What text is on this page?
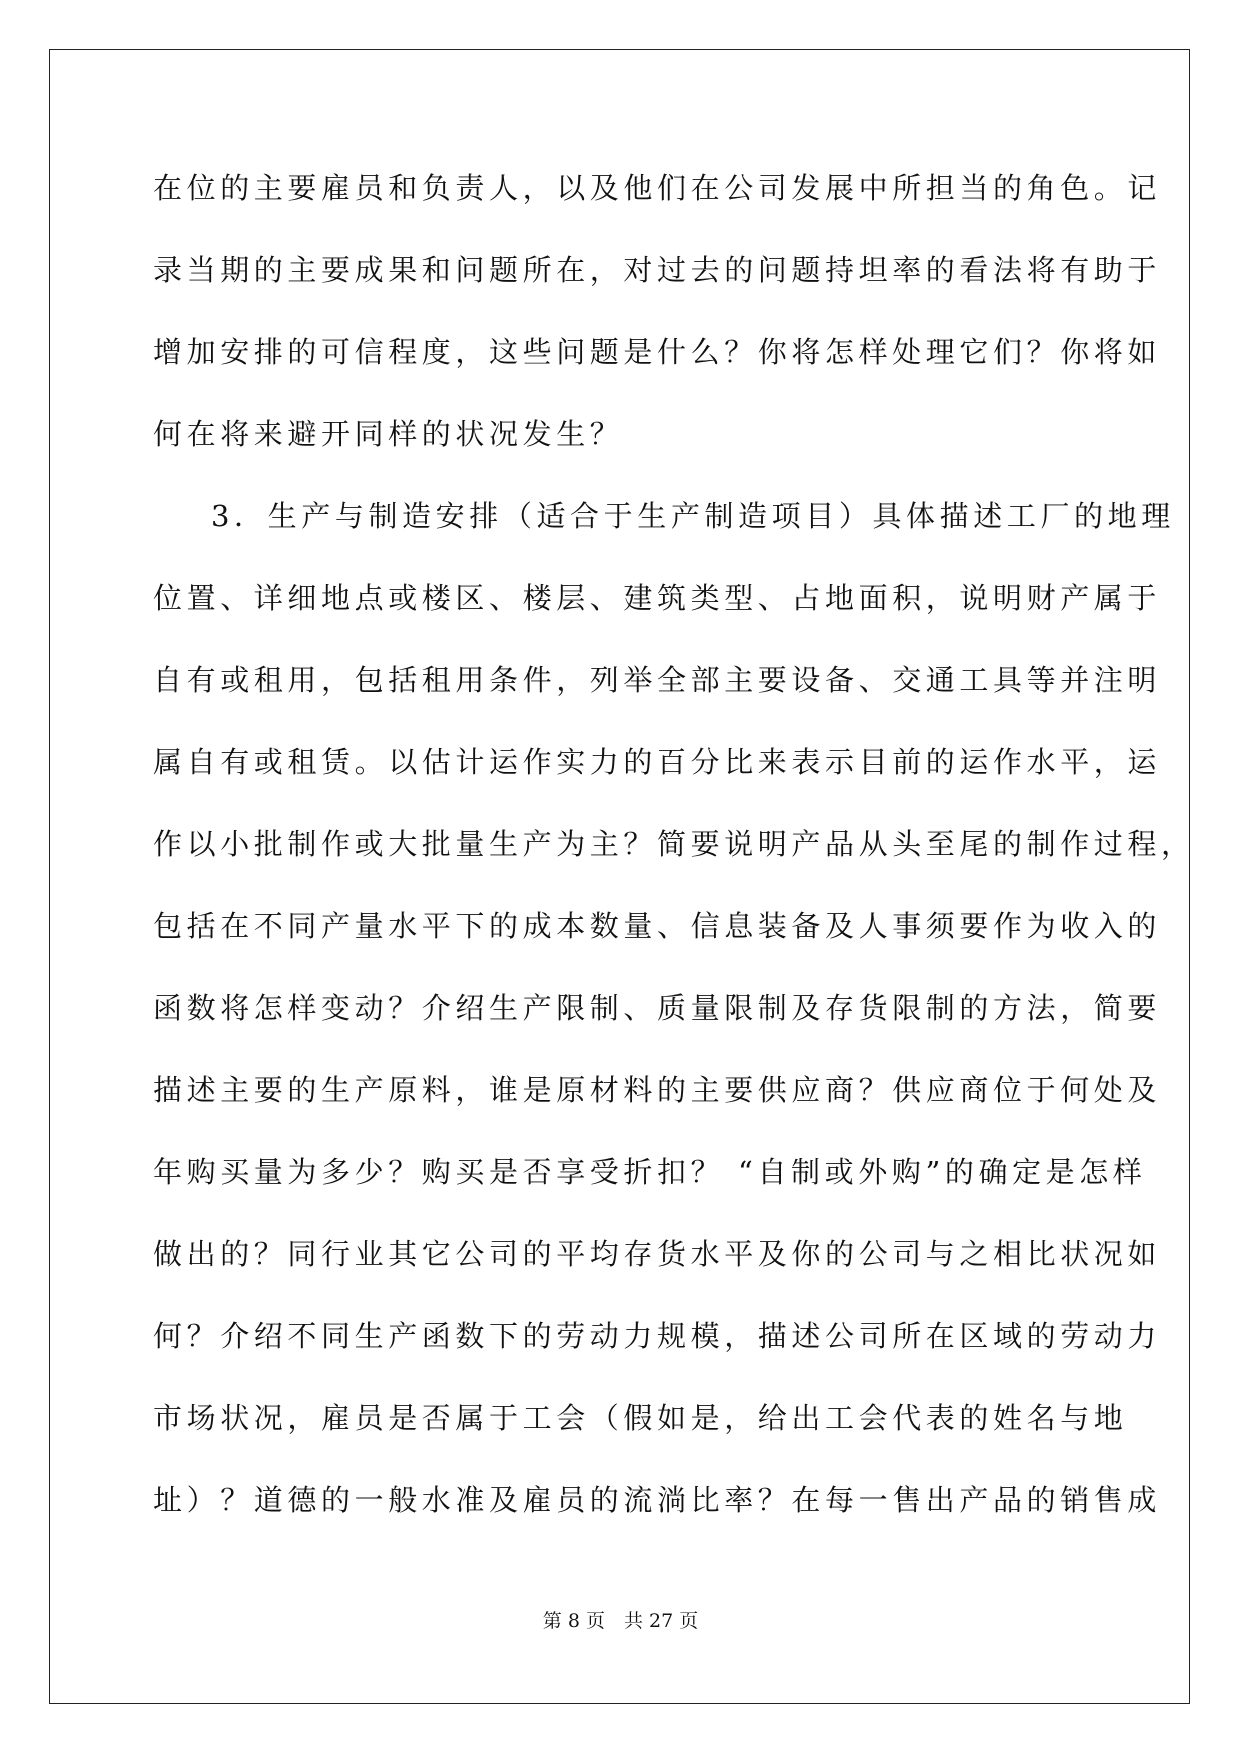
在位的主要雇员和负责人，以及他们在公司发展中所担当的角色。记
录当期的主要成果和问题所在，对过去的问题持坦率的看法将有助于
增加安排的可信程度，这些问题是什么？你将怎样处理它们？你将如
何在将来避开同样的状况发生？
3．生产与制造安排（适合于生产制造项目）具体描述工厂的地理
位置、详细地点或楼区、楼层、建筑类型、占地面积，说明财产属于
自有或租用，包括租用条件，列举全部主要设备、交通工具等并注明
属自有或租赁。以估计运作实力的百分比来表示目前的运作水平，运
作以小批制作或大批量生产为主？简要说明产品从头至尾的制作过程，
包括在不同产量水平下的成本数量、信息装备及人事须要作为收入的
函数将怎样变动？介绍生产限制、质量限制及存货限制的方法，简要
描述主要的生产原料，谁是原材料的主要供应商？供应商位于何处及
年购买量为多少？购买是否享受折扣？ “自制或外购”的确定是怎样
做出的？同行业其它公司的平均存货水平及你的公司与之相比状况如
何？介绍不同生产函数下的劳动力规模，描述公司所在区域的劳动力
市场状况，雇员是否属于工会（假如是，给出工会代表的姓名与地
址）？道德的一般水准及雇员的流淌比率？在每一售出产品的销售成
第 8 页　共 27 页
